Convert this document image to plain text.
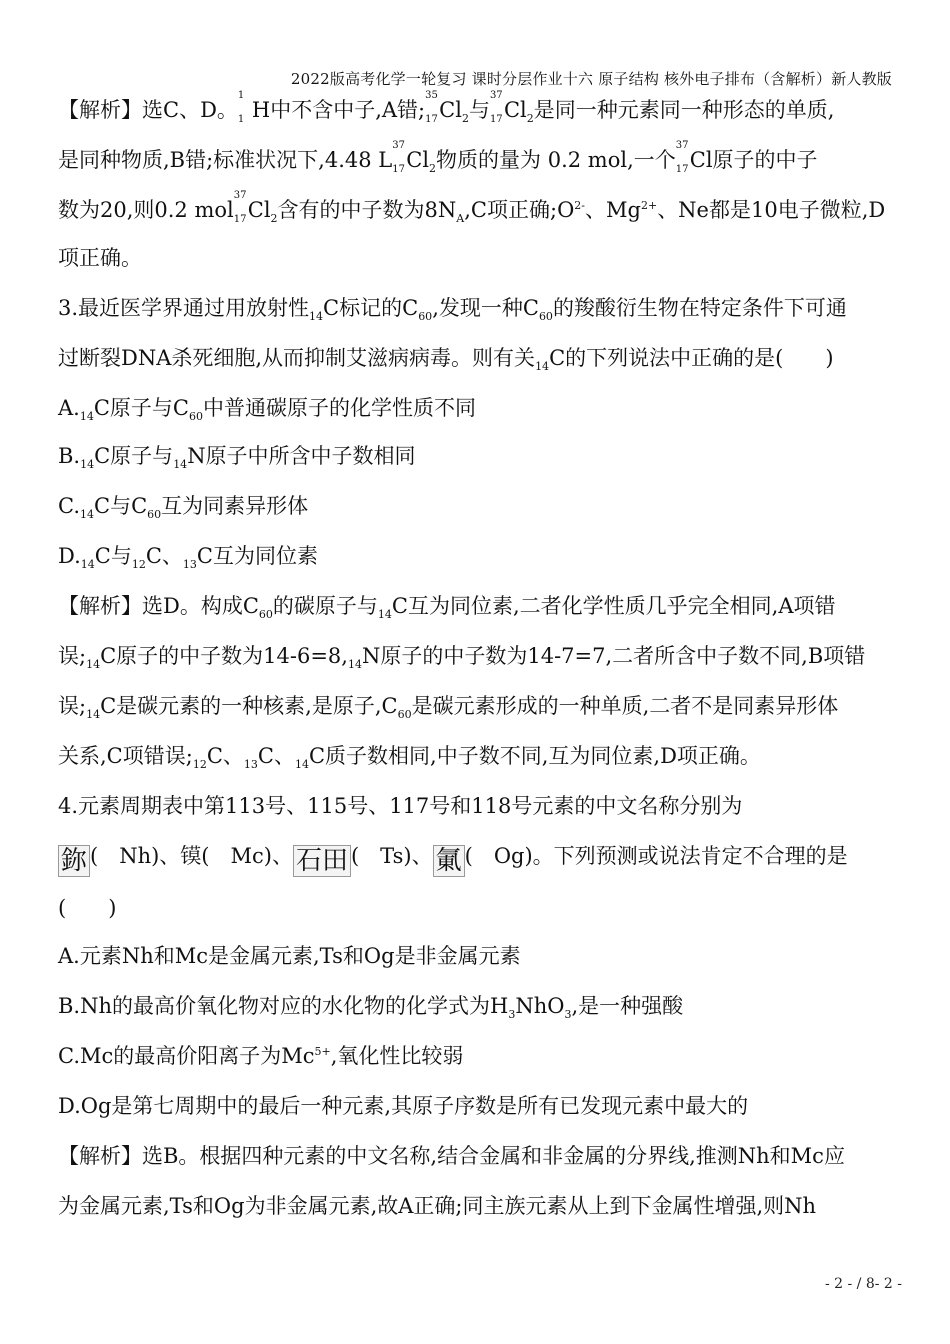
2022版高考化学一轮复习 课时分层作业十六 原子结构 核外电子排布（含解析）新人教版
【解析】选C、D。
1
1 H中不含中子,A错;
35
17 $Cl_2$与
37
17 $Cl_2$是同一种元素同一种形态的单质,
是同种物质,B错;标准状况下,4.48 L
37
17 $Cl_2$物质的量为 0.2 mol,一个
37
17 Cl原子的中子
数为20,则0.2 mol
37
17 $Cl_2$含有的中子数为$8N_A,C$项正确$;O^{2-}$、$Mg^{2+}$、Ne都是10电子微粒,D
项正确。
3.最近医学界通过用放射性$_{14}$C标记的$C_{60}$,发现一种$C_{60}$的羧酸衍生物在特定条件下可通
过断裂DNA杀死细胞,从而抑制艾滋病病毒。则有关$_{14}$C的下列说法中正确的是(　　)
$A._{14}C$原子与$C_{60}$中普通碳原子的化学性质不同
$B._{14}C$原子与$_{14}$N原子中所含中子数相同
$C._{14}C$与$C_{60}$互为同素异形体
$D._{14}C$与$_{12}$C、$_{13}$C互为同位素
【解析】选D。构成$C_{60}$的碳原子与$_{14}$C互为同位素,二者化学性质几乎完全相同,A项错
误$;_{14}C$原子的中子数为$14-6=8,_{14}N$原子的中子数为14-7=7,二者所含中子数不同,B项错
误$;_{14}C$是碳元素的一种核素,是原子$,C_{60}$是碳元素形成的一种单质,二者不是同素异形体
关系,C项错误$;_{12}C$、$_{13}$C、$_{14}$C质子数相同,中子数不同,互为同位素,D项正确。
4.元素周期表中第113号、115号、117号和118号元素的中文名称分别为
鉨 (　Nh)、镆(　Mc)、 石田 (　Ts)、 氭 (　Og)。下列预测或说法肯定不合理的是
(　　)
A.元素Nh和Mc是金属元素,Ts和Og是非金属元素
B.Nh的最高价氧化物对应的水化物的化学式为$H_3NhO_3$,是一种强酸
C.Mc的最高价阳离子为$Mc^{5+}$,氧化性比较弱
D.Og是第七周期中的最后一种元素,其原子序数是所有已发现元素中最大的
【解析】选B。根据四种元素的中文名称,结合金属和非金属的分界线,推测Nh和Mc应
为金属元素,Ts和Og为非金属元素,故A正确;同主族元素从上到下金属性增强,则Nh
- 2 - / 8- 2 -
